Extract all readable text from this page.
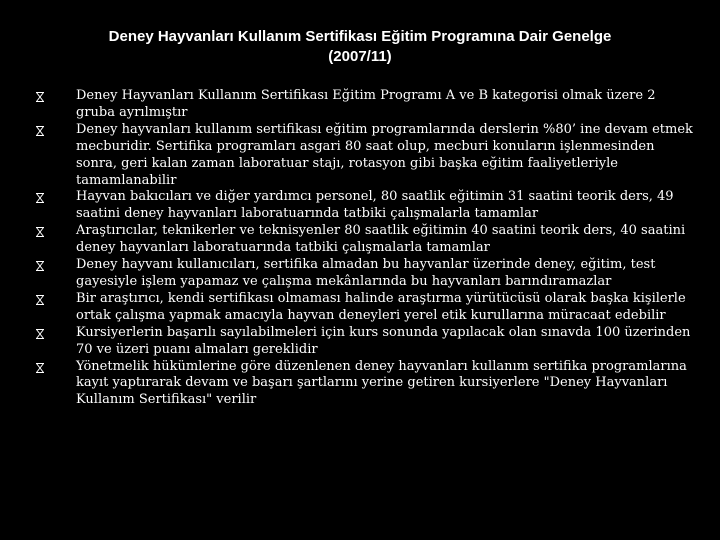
Deney Hayvanları Kullanım Sertifikası Eğitim Programına Dair Genelge
(2007/11)
Deney Hayvanları Kullanım Sertifikası Eğitim Programı A ve B kategorisi olmak üzere 2 gruba ayrılmıştır
Deney hayvanları kullanım sertifikası eğitim programlarında derslerin %80’ ine devam etmek mecburidir. Sertifika programları asgari 80 saat olup, mecburi konuların işlenmesinden sonra, geri kalan zaman laboratuar stajı, rotasyon gibi başka eğitim faaliyetleriyle tamamlanabilir
Hayvan bakıcıları ve diğer yardımcı personel, 80 saatlik eğitimin 31 saatini teorik ders, 49 saatini deney hayvanları laboratuarında tatbiki çalışmalarla tamamlar
Araştırıcılar, teknikerler ve teknisyenler 80 saatlik eğitimin 40 saatini teorik ders, 40 saatini deney hayvanları laboratuarında tatbiki çalışmalarla tamamlar
Deney hayvanı kullanıcıları, sertifika almadan bu hayvanlar üzerinde deney, eğitim, test gayesiyle işlem yapamaz ve çalışma mekânlarında bu hayvanları barındıramazlar
Bir araştırıcı, kendi sertifikası olmaması halinde araştırma yürütücüsü olarak başka kişilerle ortak çalışma yapmak amacıyla hayvan deneyleri yerel etik kurullarına müracaat edebilir
Kursiyerlerin başarılı sayılabilmeleri için kurs sonunda yapılacak olan sınavda 100 üzerinden 70 ve üzeri puanı almaları gereklidir
Yönetmelik hükümlerine göre düzenlenen deney hayvanları kullanım sertifika programlarına kayıt yaptırarak devam ve başarı şartlarını yerine getiren kursiyerlere "Deney Hayvanları Kullanım Sertifikası" verilir
